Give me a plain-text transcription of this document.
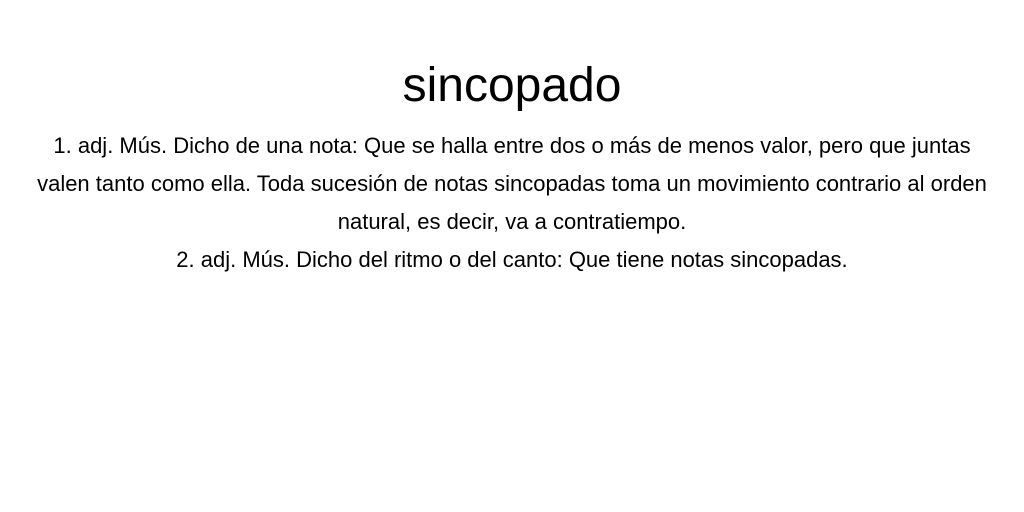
sincopado

1. adj. Mús. Dicho de una nota: Que se halla entre dos o más de menos valor, pero que juntas valen tanto como ella. Toda sucesión de notas sincopadas toma un movimiento contrario al orden natural, es decir, va a contratiempo.

2. adj. Mús. Dicho del ritmo o del canto: Que tiene notas sincopadas.
